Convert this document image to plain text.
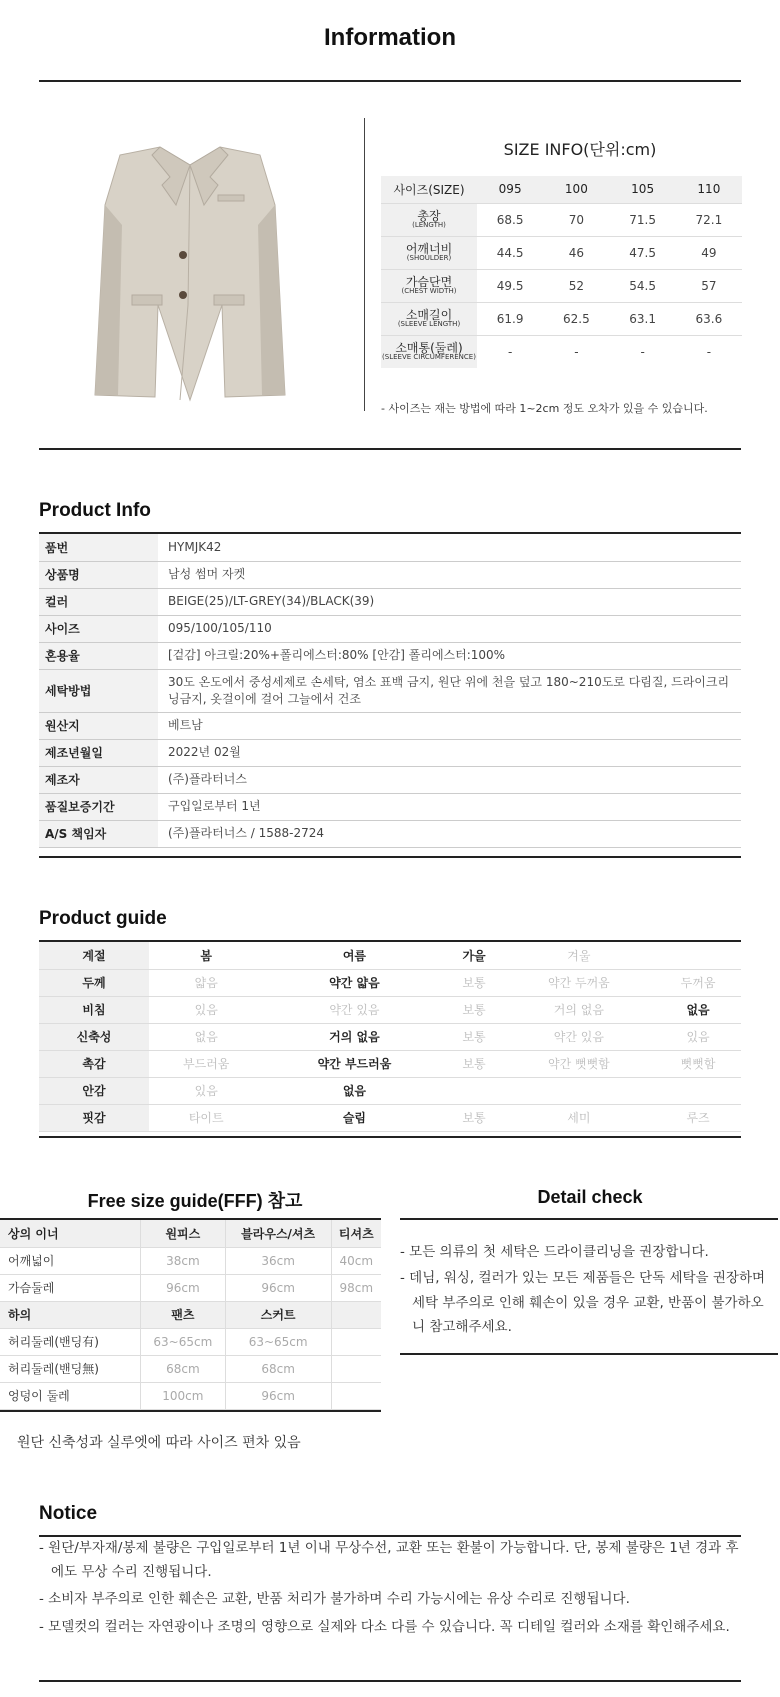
Information
SIZE INFO(단위:cm)
사이즈(SIZE)	095	100	105	110

총장
(LENGTH)	68.5	70	71.5	72.1

어깨너비
(SHOULDER)	44.5	46	47.5	49

가슴단면
(CHEST WIDTH)	49.5	52	54.5	57

소매길이
(SLEEVE LENGTH)	61.9	62.5	63.1	63.6

소매통(둘레)
(SLEEVE CIRCUMFERENCE)	-	-	-	-
- 사이즈는 재는 방법에 따라 1~2cm 정도 오차가 있을 수 있습니다.
Product Info
품번	HYMJK42
상품명	남성 썸머 자켓
컬러	BEIGE(25)/LT-GREY(34)/BLACK(39)
사이즈	095/100/105/110
혼용율	[겉감] 아크릴:20%+폴리에스터:80% [안감] 폴리에스터:100%
세탁방법	30도 온도에서 중성세제로 손세탁, 염소 표백 금지, 원단 위에 천을 덮고 180~210도로 다림질, 드라이크리닝금지, 옷걸이에 걸어 그늘에서 건조
원산지	베트남
제조년월일	2022년 02월
제조자	(주)플라터너스
품질보증기간	구입일로부터 1년
A/S 책임자	(주)플라터너스 / 1588-2724
Product guide
계절	봄	여름	가을	겨울	
두께	얇음	약간 얇음	보통	약간 두꺼움	두꺼움
비침	있음	약간 있음	보통	거의 없음	없음
신축성	없음	거의 없음	보통	약간 있음	있음
촉감	부드러움	약간 부드러움	보통	약간 뻣뻣함	뻣뻣함
안감	있음	없음			
핏감	타이트	슬림	보통	세미	루즈
Free size guide(FFF) 참고
상의 이너	원피스	블라우스/셔츠	티셔츠
어깨넓이	38cm	36cm	40cm
가슴둘레	96cm	96cm	98cm
하의	팬츠	스커트	
허리둘레(밴딩有)	63~65cm	63~65cm	
허리둘레(밴딩無)	68cm	68cm	
엉덩이 둘레	100cm	96cm	
원단 신축성과 실루엣에 따라 사이즈 편차 있음
Detail check
- 모든 의류의 첫 세탁은 드라이클리닝을 권장합니다.
- 데님, 워싱, 컬러가 있는 모든 제품들은 단독 세탁을 권장하며 세탁 부주의로 인해 훼손이 있을 경우 교환, 반품이 불가하오니 참고해주세요.
Notice
- 원단/부자재/봉제 불량은 구입일로부터 1년 이내 무상수선, 교환 또는 환불이 가능합니다. 단, 봉제 불량은 1년 경과 후에도 무상 수리 진행됩니다.
- 소비자 부주의로 인한 훼손은 교환, 반품 처리가 불가하며 수리 가능시에는 유상 수리로 진행됩니다.
- 모델컷의 컬러는 자연광이나 조명의 영향으로 실제와 다소 다를 수 있습니다. 꼭 디테일 컬러와 소재를 확인해주세요.
